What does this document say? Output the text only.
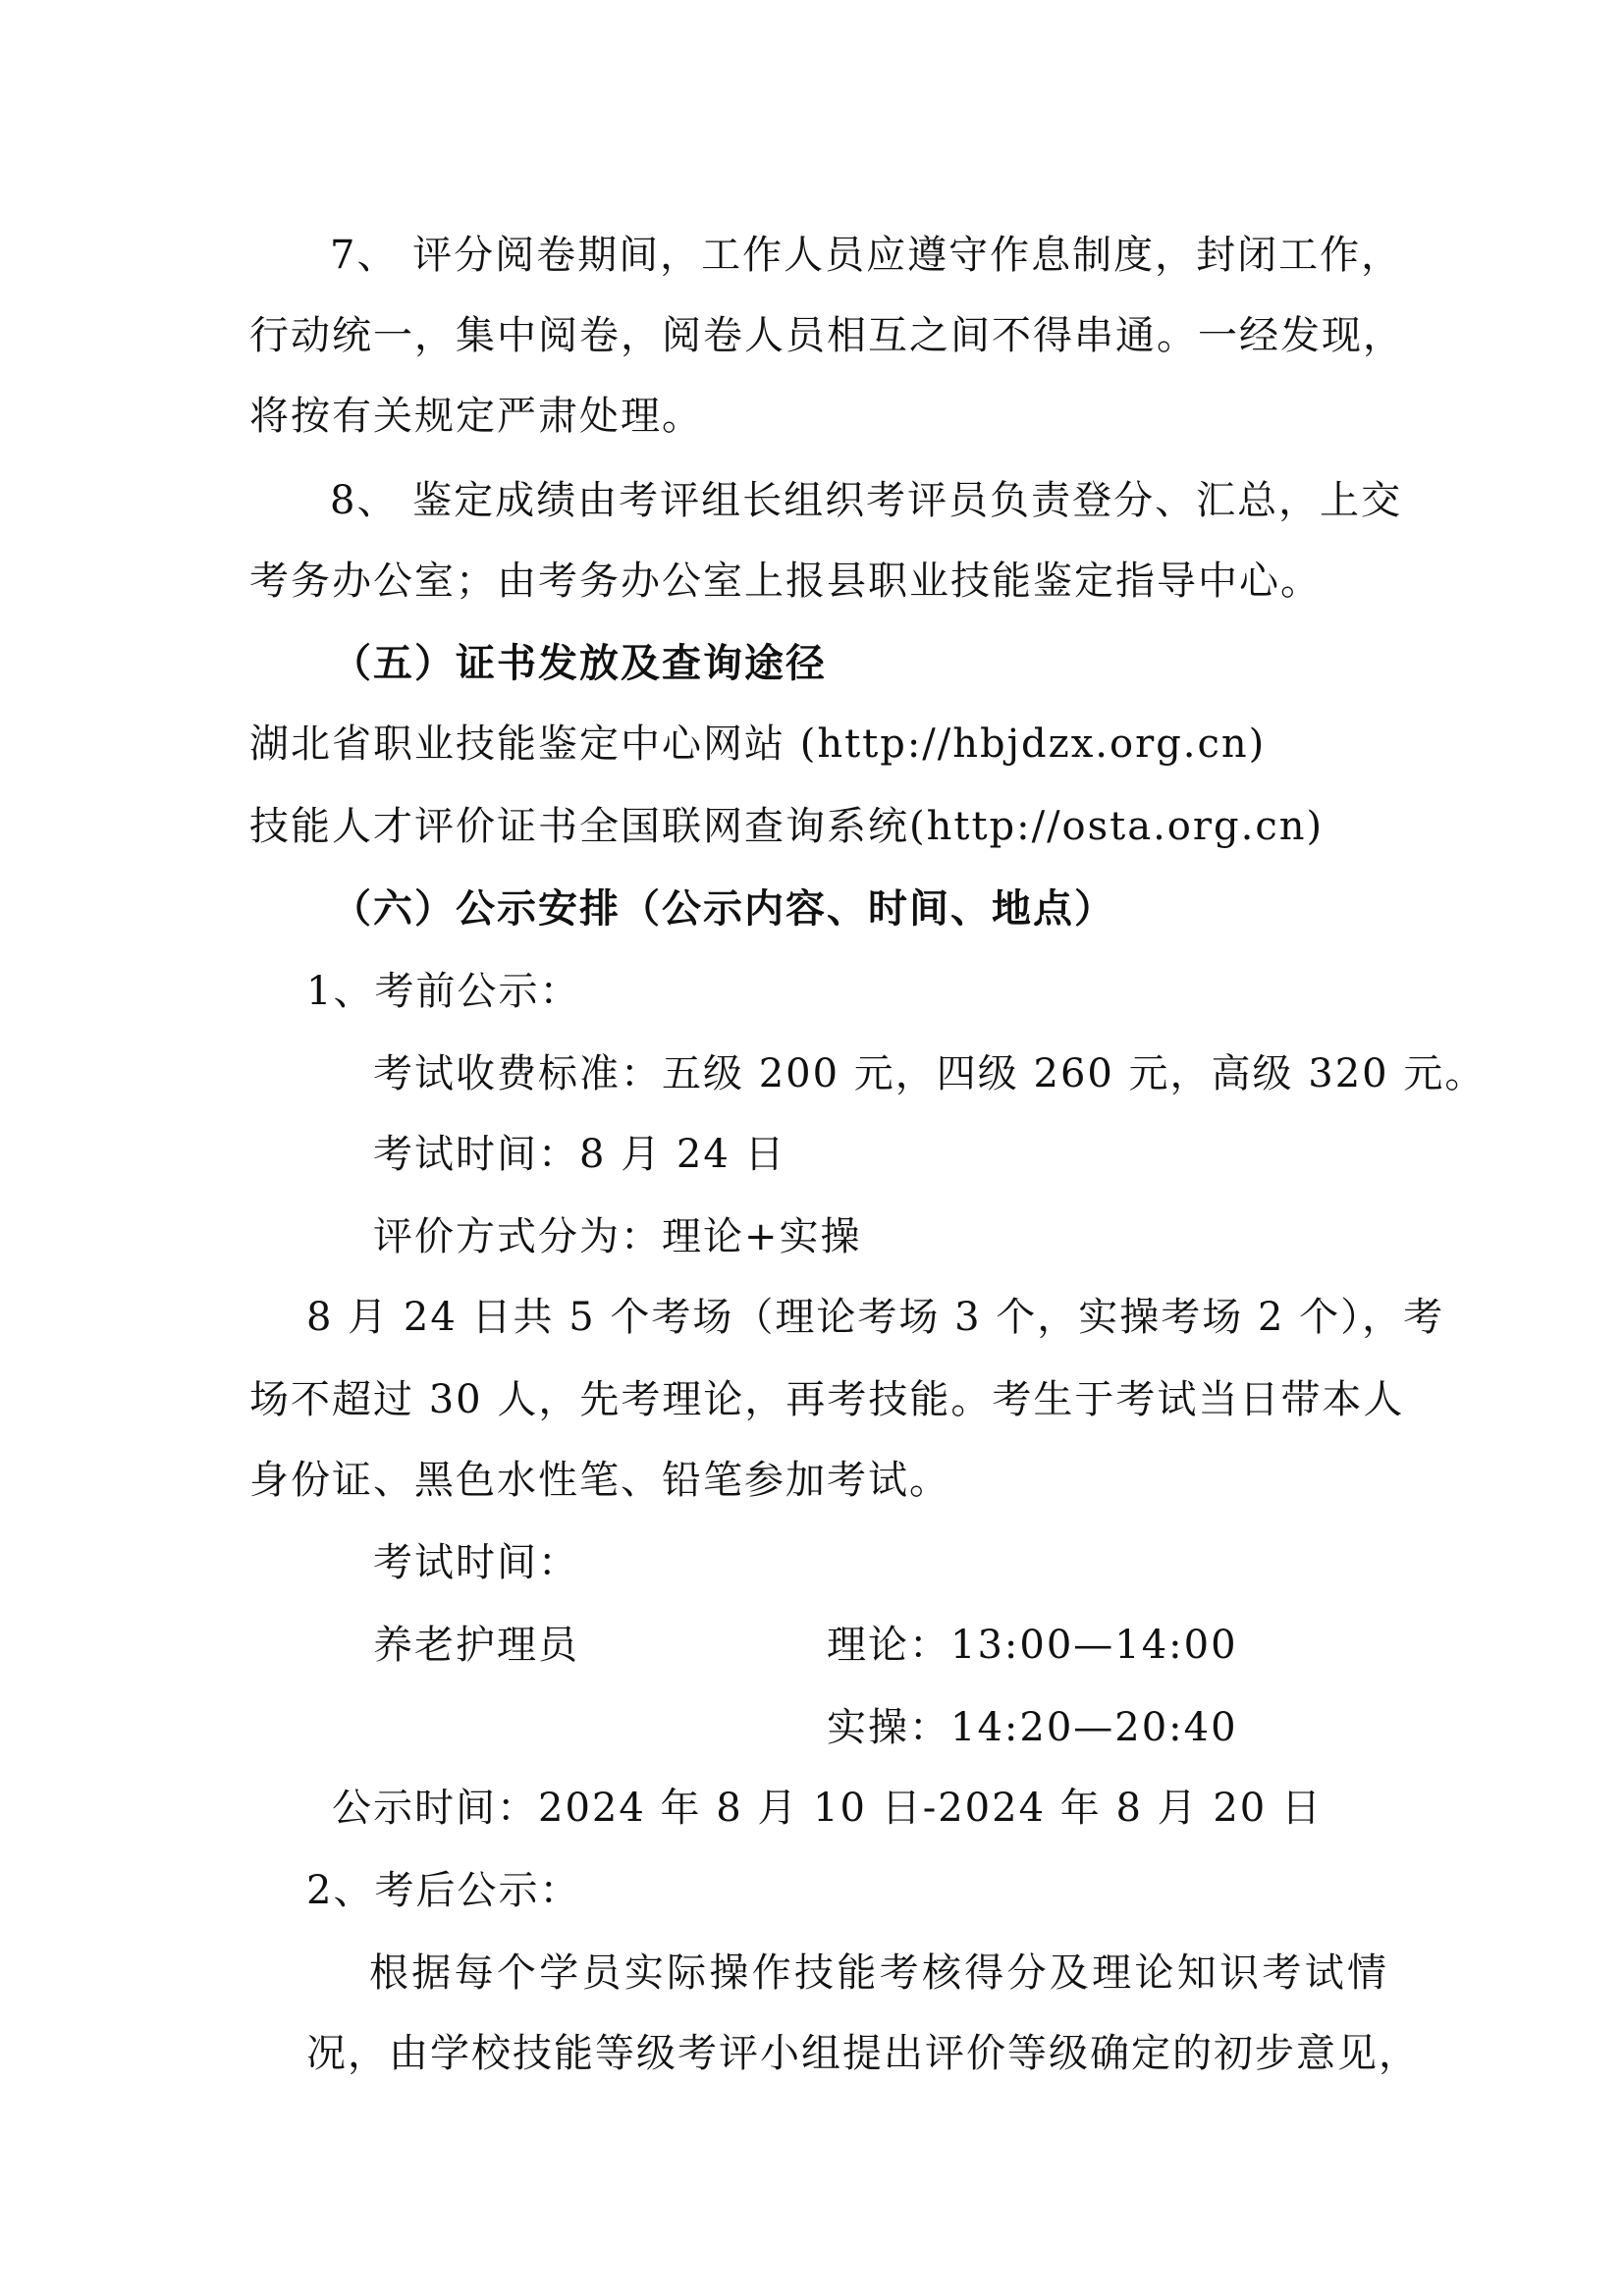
7、 评分阅卷期间，工作人员应遵守作息制度，封闭工作，
行动统一，集中阅卷，阅卷人员相互之间不得串通。一经发现，
将按有关规定严肃处理。
8、 鉴定成绩由考评组长组织考评员负责登分、汇总，上交
考务办公室；由考务办公室上报县职业技能鉴定指导中心。
（五）证书发放及查询途径
湖北省职业技能鉴定中心网站 (http://hbjdzx.org.cn)
技能人才评价证书全国联网查询系统(http://osta.org.cn)
（六）公示安排（公示内容、时间、地点）
1、考前公示：
考试收费标准：五级 200 元，四级 260 元，高级 320 元。
考试时间：8 月 24 日
评价方式分为：理论+实操
8 月 24 日共 5 个考场（理论考场 3 个，实操考场 2 个），考
场不超过 30 人，先考理论，再考技能。考生于考试当日带本人
身份证、黑色水性笔、铅笔参加考试。
考试时间：
养老护理员	理论：13:00—14:00
实操：14:20—20:40
公示时间：2024 年 8 月 10 日-2024 年 8 月 20 日
2、考后公示：
根据每个学员实际操作技能考核得分及理论知识考试情
况，由学校技能等级考评小组提出评价等级确定的初步意见，
